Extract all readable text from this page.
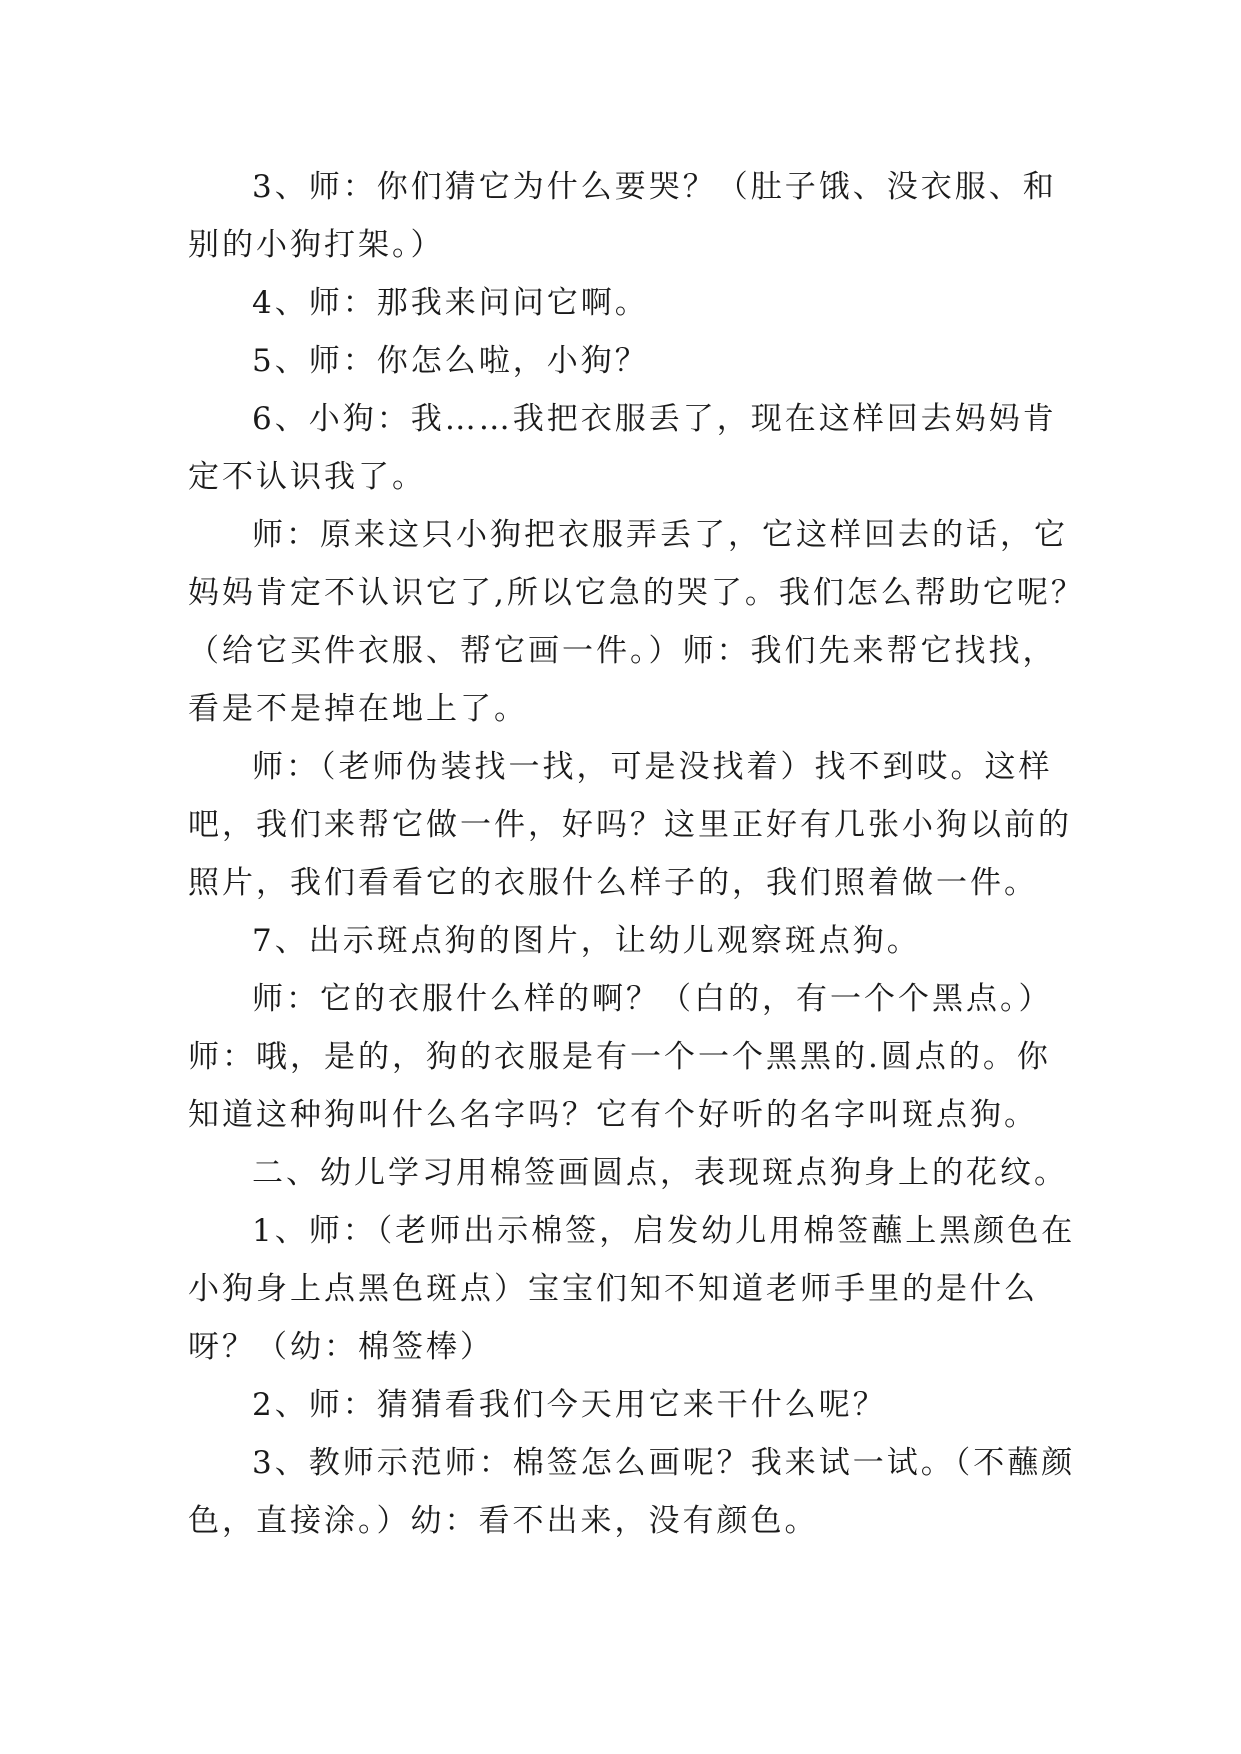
3、师：你们猜它为什么要哭？（肚子饿、没衣服、和
别的小狗打架。）
4、师：那我来问问它啊。
5、师：你怎么啦，小狗？
6、小狗：我……我把衣服丢了，现在这样回去妈妈肯
定不认识我了。
师：原来这只小狗把衣服弄丢了，它这样回去的话，它
妈妈肯定不认识它了,所以它急的哭了。我们怎么帮助它呢？
（给它买件衣服、帮它画一件。）师：我们先来帮它找找，
看是不是掉在地上了。
师：（老师伪装找一找，可是没找着）找不到哎。这样
吧，我们来帮它做一件，好吗？这里正好有几张小狗以前的
照片，我们看看它的衣服什么样子的，我们照着做一件。
7、出示斑点狗的图片，让幼儿观察斑点狗。
师：它的衣服什么样的啊？（白的，有一个个黑点。）
师：哦，是的，狗的衣服是有一个一个黑黑的.圆点的。你
知道这种狗叫什么名字吗？它有个好听的名字叫斑点狗。
二、幼儿学习用棉签画圆点，表现斑点狗身上的花纹。
1、师：（老师出示棉签，启发幼儿用棉签蘸上黑颜色在
小狗身上点黑色斑点）宝宝们知不知道老师手里的是什么
呀？（幼：棉签棒）
2、师：猜猜看我们今天用它来干什么呢？
3、教师示范师：棉签怎么画呢？我来试一试。（不蘸颜
色，直接涂。）幼：看不出来，没有颜色。
